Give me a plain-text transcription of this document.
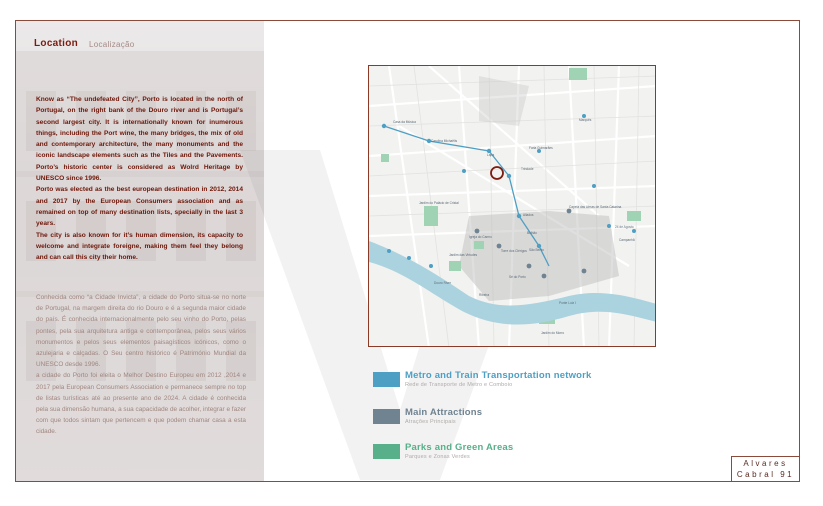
Location Localização

Know as “The undefeated City”, Porto is located in the north of Portugal, on the right bank of the Douro river and is Portugal’s second largest city. It is internationally known for inumerous things, including the Port wine, the many bridges, the mix of old and contemporary architecture, the many monuments and the iconic landscape elements such as the Tiles and the Pavements. Porto’s historic center is considered as Wolrd Heritage by UNESCO since 1996.

Porto was elected as the best european destination in 2012, 2014 and 2017 by the European Consumers association and as remained on top of many destination lists, specially in the last 3 years.

The city is also known for it’s human dimension, its capacity to welcome and integrate foreigne, making them feel they belong and can call this city their home.

Conhecida como “a Cidade Invicta”, a cidade do Porto situa-se no norte de Portugal, na margem direita do rio Douro e é a segunda maior cidade do país. É conhecida internacionalmente pelo seu vinho do Porto, pelas pontes, pela sua arquitetura antiga e contemporânea, pelos seus vários monumentos e pelos seus elementos paisagísticos icónicos, como o azulejaria e calçadas. O Seu centro histórico é Património Mundial da UNESCO desde 1996.

a cidade do Porto foi eleita o Melhor Destino Europeu em 2012 ,2014 e 2017 pela European Consumers Association e permanece sempre no top de listas turísticas até ao presente ano de 2024. A cidade é conhecida pela sua dimensão humana, a sua capacidade de acolher, integrar e fazer com que todos sintam que pertencem e que podem chamar casa a esta cidade.

Casa da Música
Carolina Michaëlis
Lapa
Trindade
Aliados
São Bento
Jardim do Palácio de Cristal
Torre dos Clérigos
Sé do Porto
Ponte Luiz I
Campanhã
Marquês
Douro River
Jardim das Virtudes
Bolhão
Faria Guimarães
24 de Agosto
Jardim do Morro
Capela das Almas de Santa Catarina
Igreja do Carmo
Ribeira
Metro and Train Transportation network
Rede de Transporte de Metro e Comboio
Main Attractions
Atrações Principais
Parks and Green Areas
Parques e Zonas Verdes
Alvares
Cabral 91
